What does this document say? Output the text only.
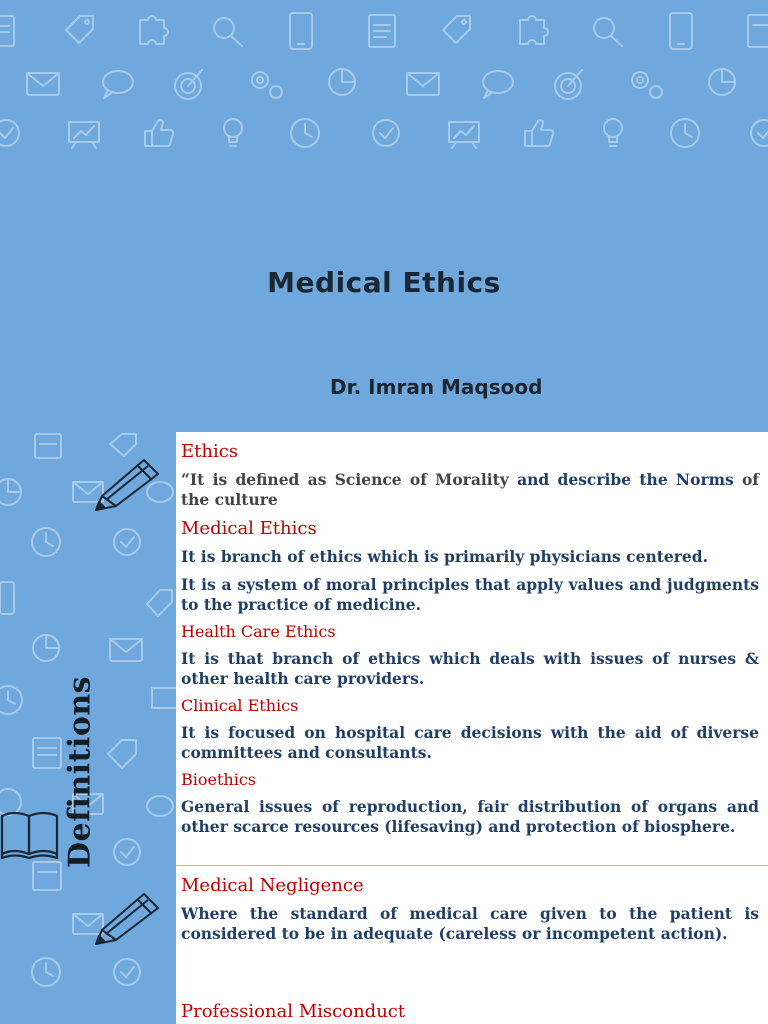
Medical Ethics
Dr. Imran Maqsood
Definitions
Ethics
“It is defined as Science of Morality and describe the Norms of the culture
Medical Ethics
It is branch of ethics which is primarily physicians centered.
It is a system of moral principles that apply values and judgments to the practice of medicine.
Health Care Ethics
It is that branch of ethics which deals with issues of nurses & other health care providers.
Clinical Ethics
It is focused on hospital care decisions with the aid of diverse committees and consultants.
Bioethics
General issues of reproduction, fair distribution of organs and other scarce resources (lifesaving) and protection of biosphere.
Medical Negligence
Where the standard of medical care given to the patient is considered to be in adequate (careless or incompetent action).
Professional Misconduct
